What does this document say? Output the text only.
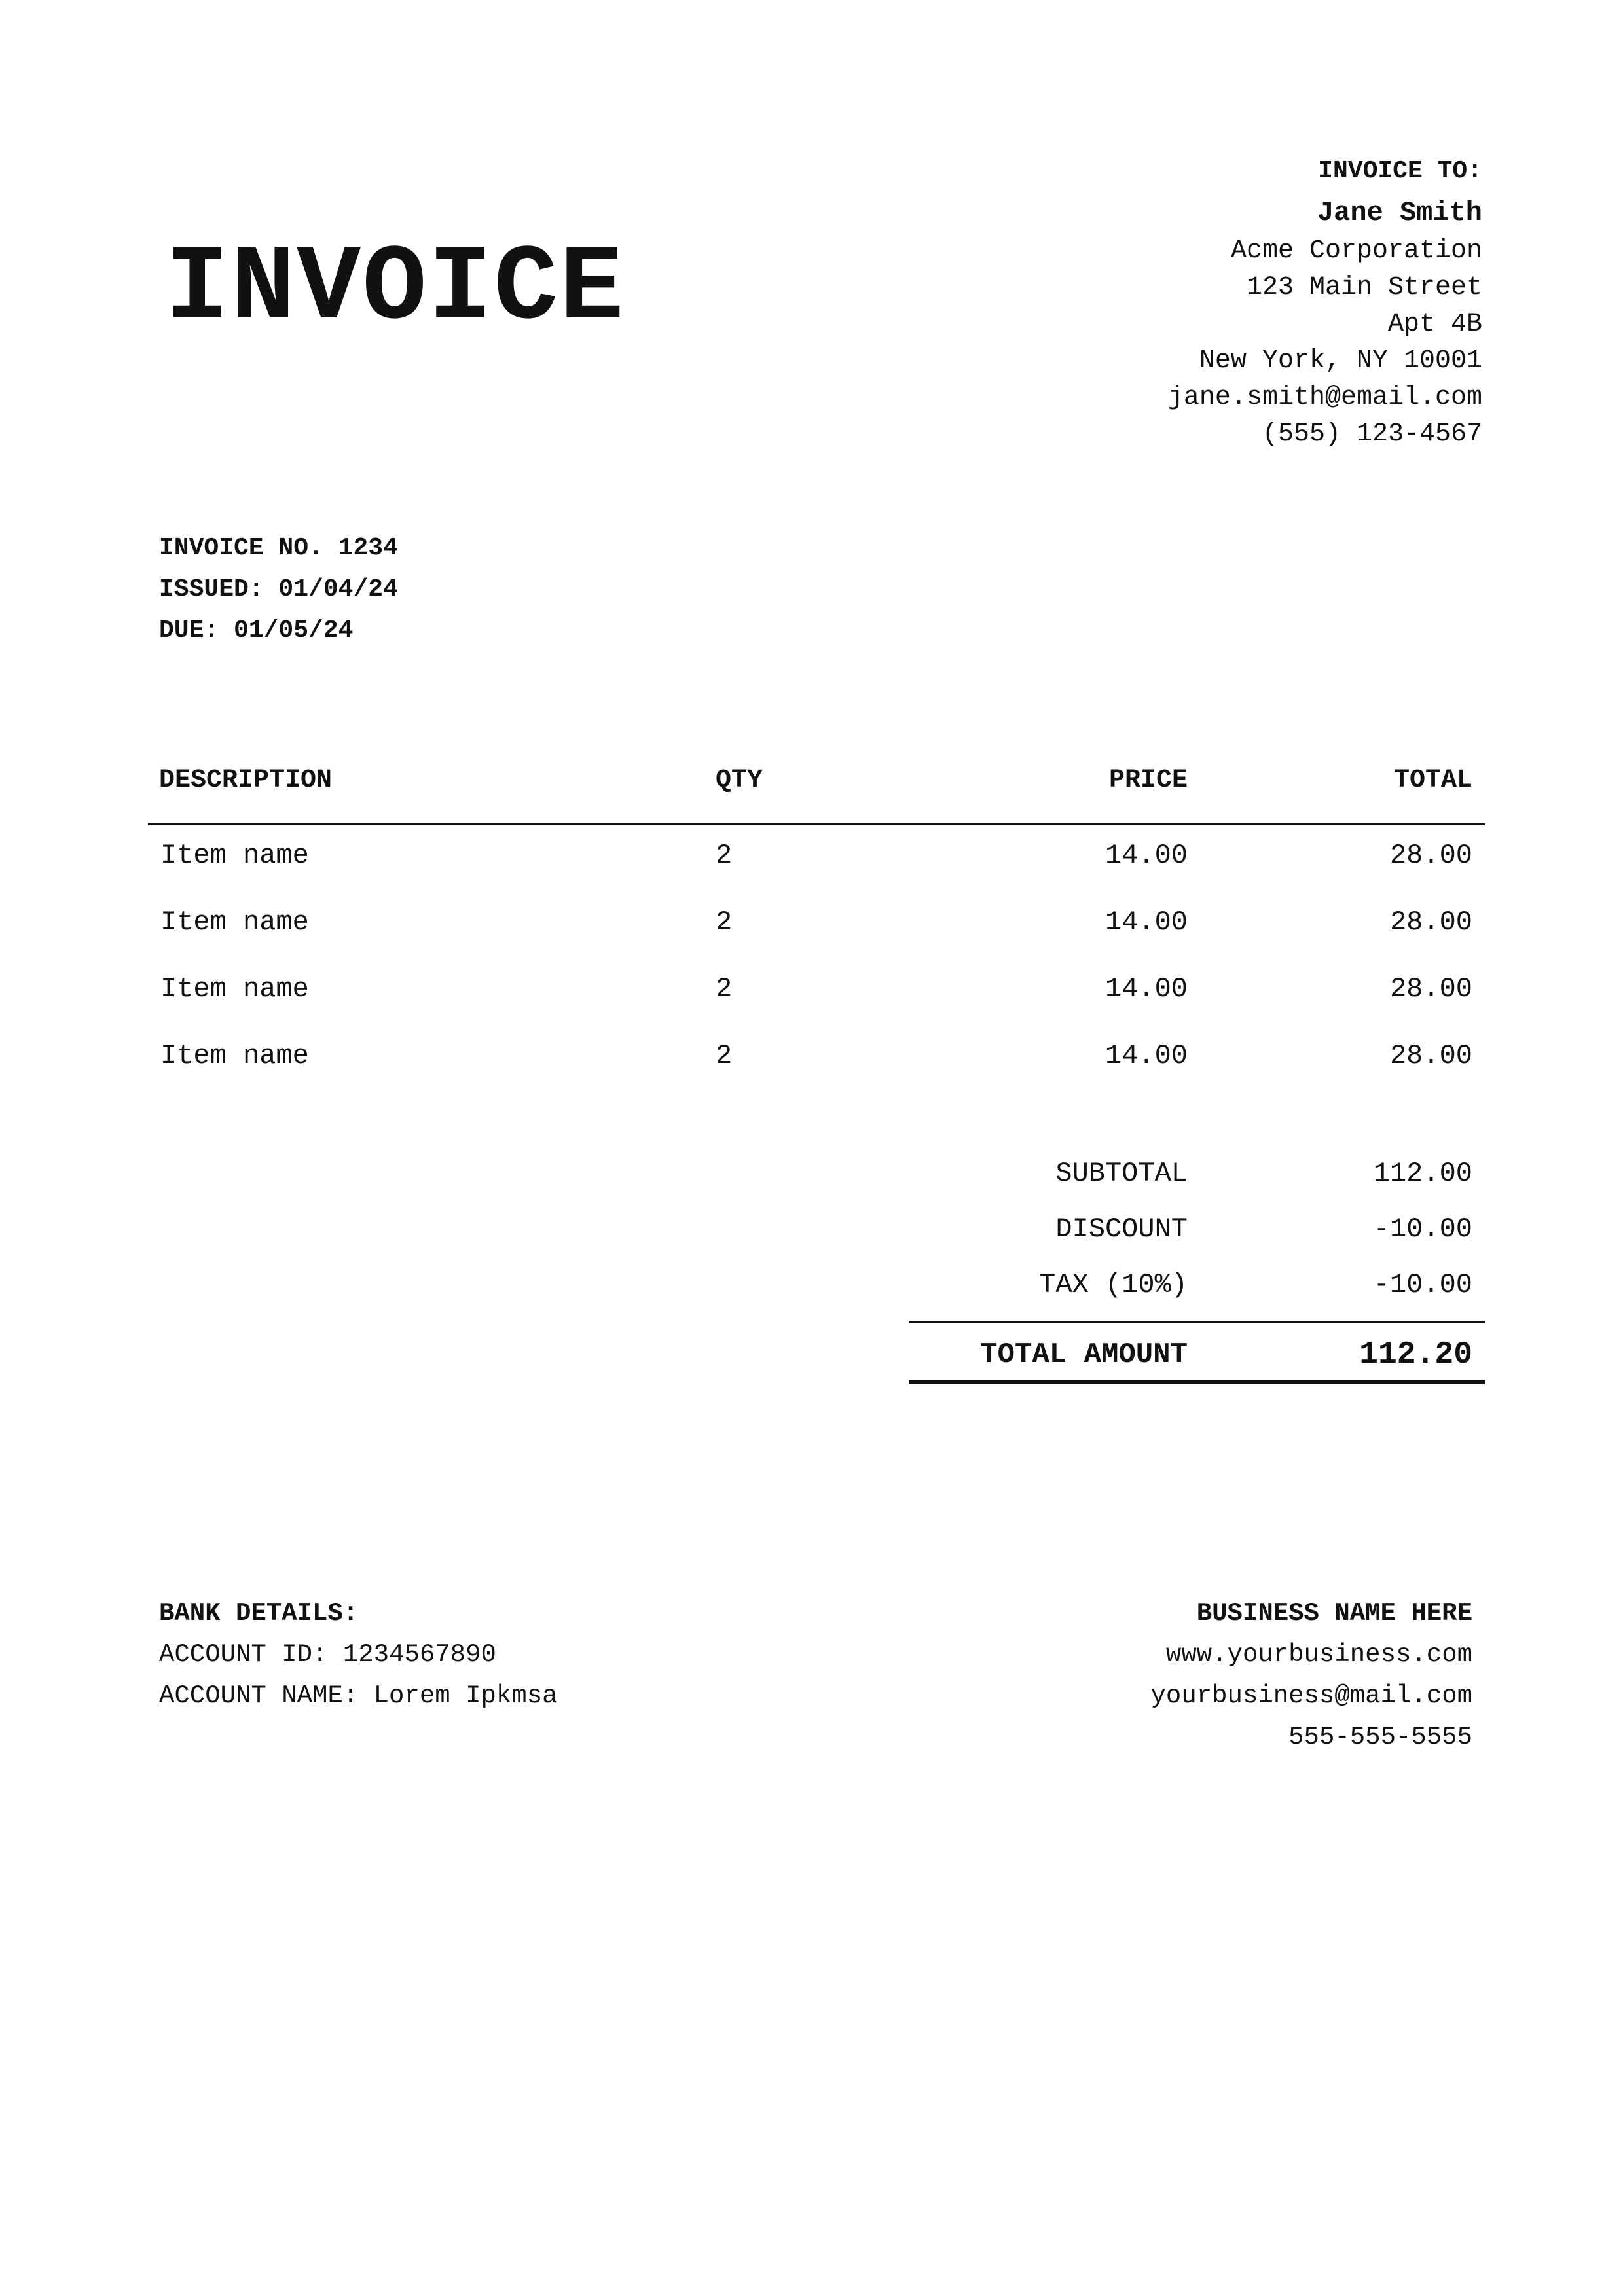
INVOICE
INVOICE TO:
Jane Smith
Acme Corporation
123 Main Street
Apt 4B
New York, NY 10001
jane.smith@email.com
(555) 123-4567
INVOICE NO. 1234
ISSUED: 01/04/24
DUE: 01/05/24
DESCRIPTION	QTY	PRICE	TOTAL
Item name	2	14.00	28.00
Item name	2	14.00	28.00
Item name	2	14.00	28.00
Item name	2	14.00	28.00
SUBTOTAL	112.00
DISCOUNT	-10.00
TAX (10%)	-10.00
TOTAL AMOUNT	112.20
BANK DETAILS:
ACCOUNT ID: 1234567890
ACCOUNT NAME: Lorem Ipkmsa
BUSINESS NAME HERE
www.yourbusiness.com
yourbusiness@mail.com
555-555-5555
